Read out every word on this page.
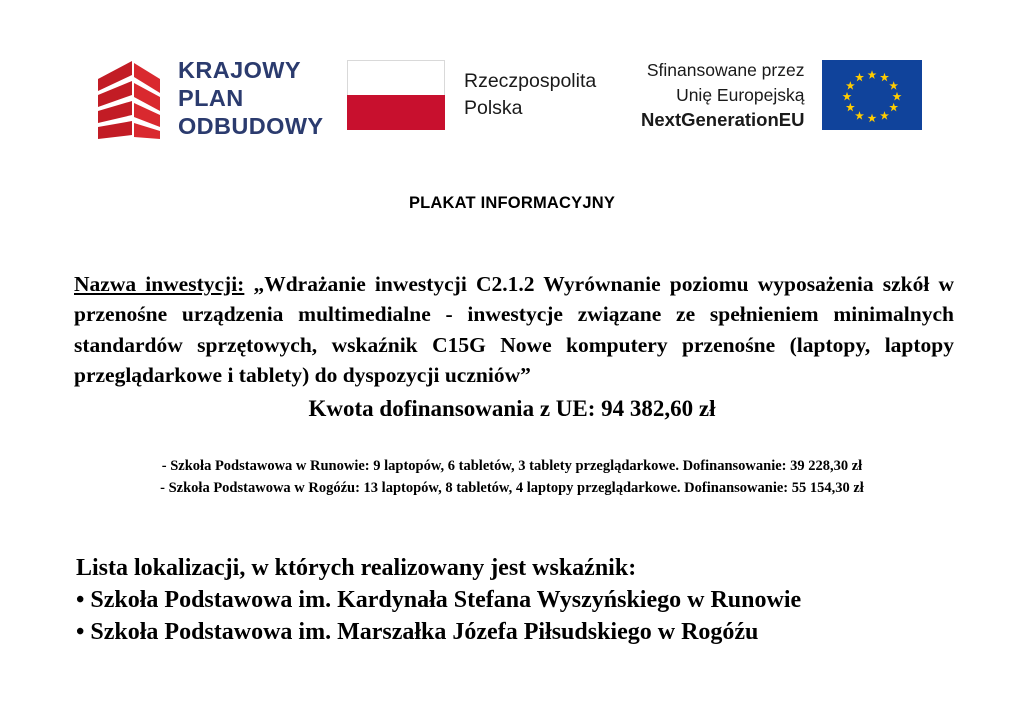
KRAJOWY
PLAN
ODBUDOWY
Rzeczpospolita
Polska
Sfinansowane przez
Unię Europejską
NextGenerationEU
PLAKAT INFORMACYJNY

Nazwa inwestycji: „Wdrażanie inwestycji C2.1.2 Wyrównanie poziomu wyposażenia szkół w przenośne urządzenia multimedialne - inwestycje związane ze spełnieniem minimalnych standardów sprzętowych, wskaźnik C15G Nowe komputery przenośne (laptopy, laptopy przeglądarkowe i tablety) do dyspozycji uczniów”

Kwota dofinansowania z UE: 94 382,60 zł
- Szkoła Podstawowa w Runowie: 9 laptopów, 6 tabletów, 3 tablety przeglądarkowe. Dofinansowanie: 39 228,30 zł
- Szkoła Podstawowa w Rogóźu: 13 laptopów, 8 tabletów, 4 laptopy przeglądarkowe. Dofinansowanie: 55 154,30 zł
Lista lokalizacji, w których realizowany jest wskaźnik:
• Szkoła Podstawowa im. Kardynała Stefana Wyszyńskiego w Runowie
• Szkoła Podstawowa im. Marszałka Józefa Piłsudskiego w Rogóźu
